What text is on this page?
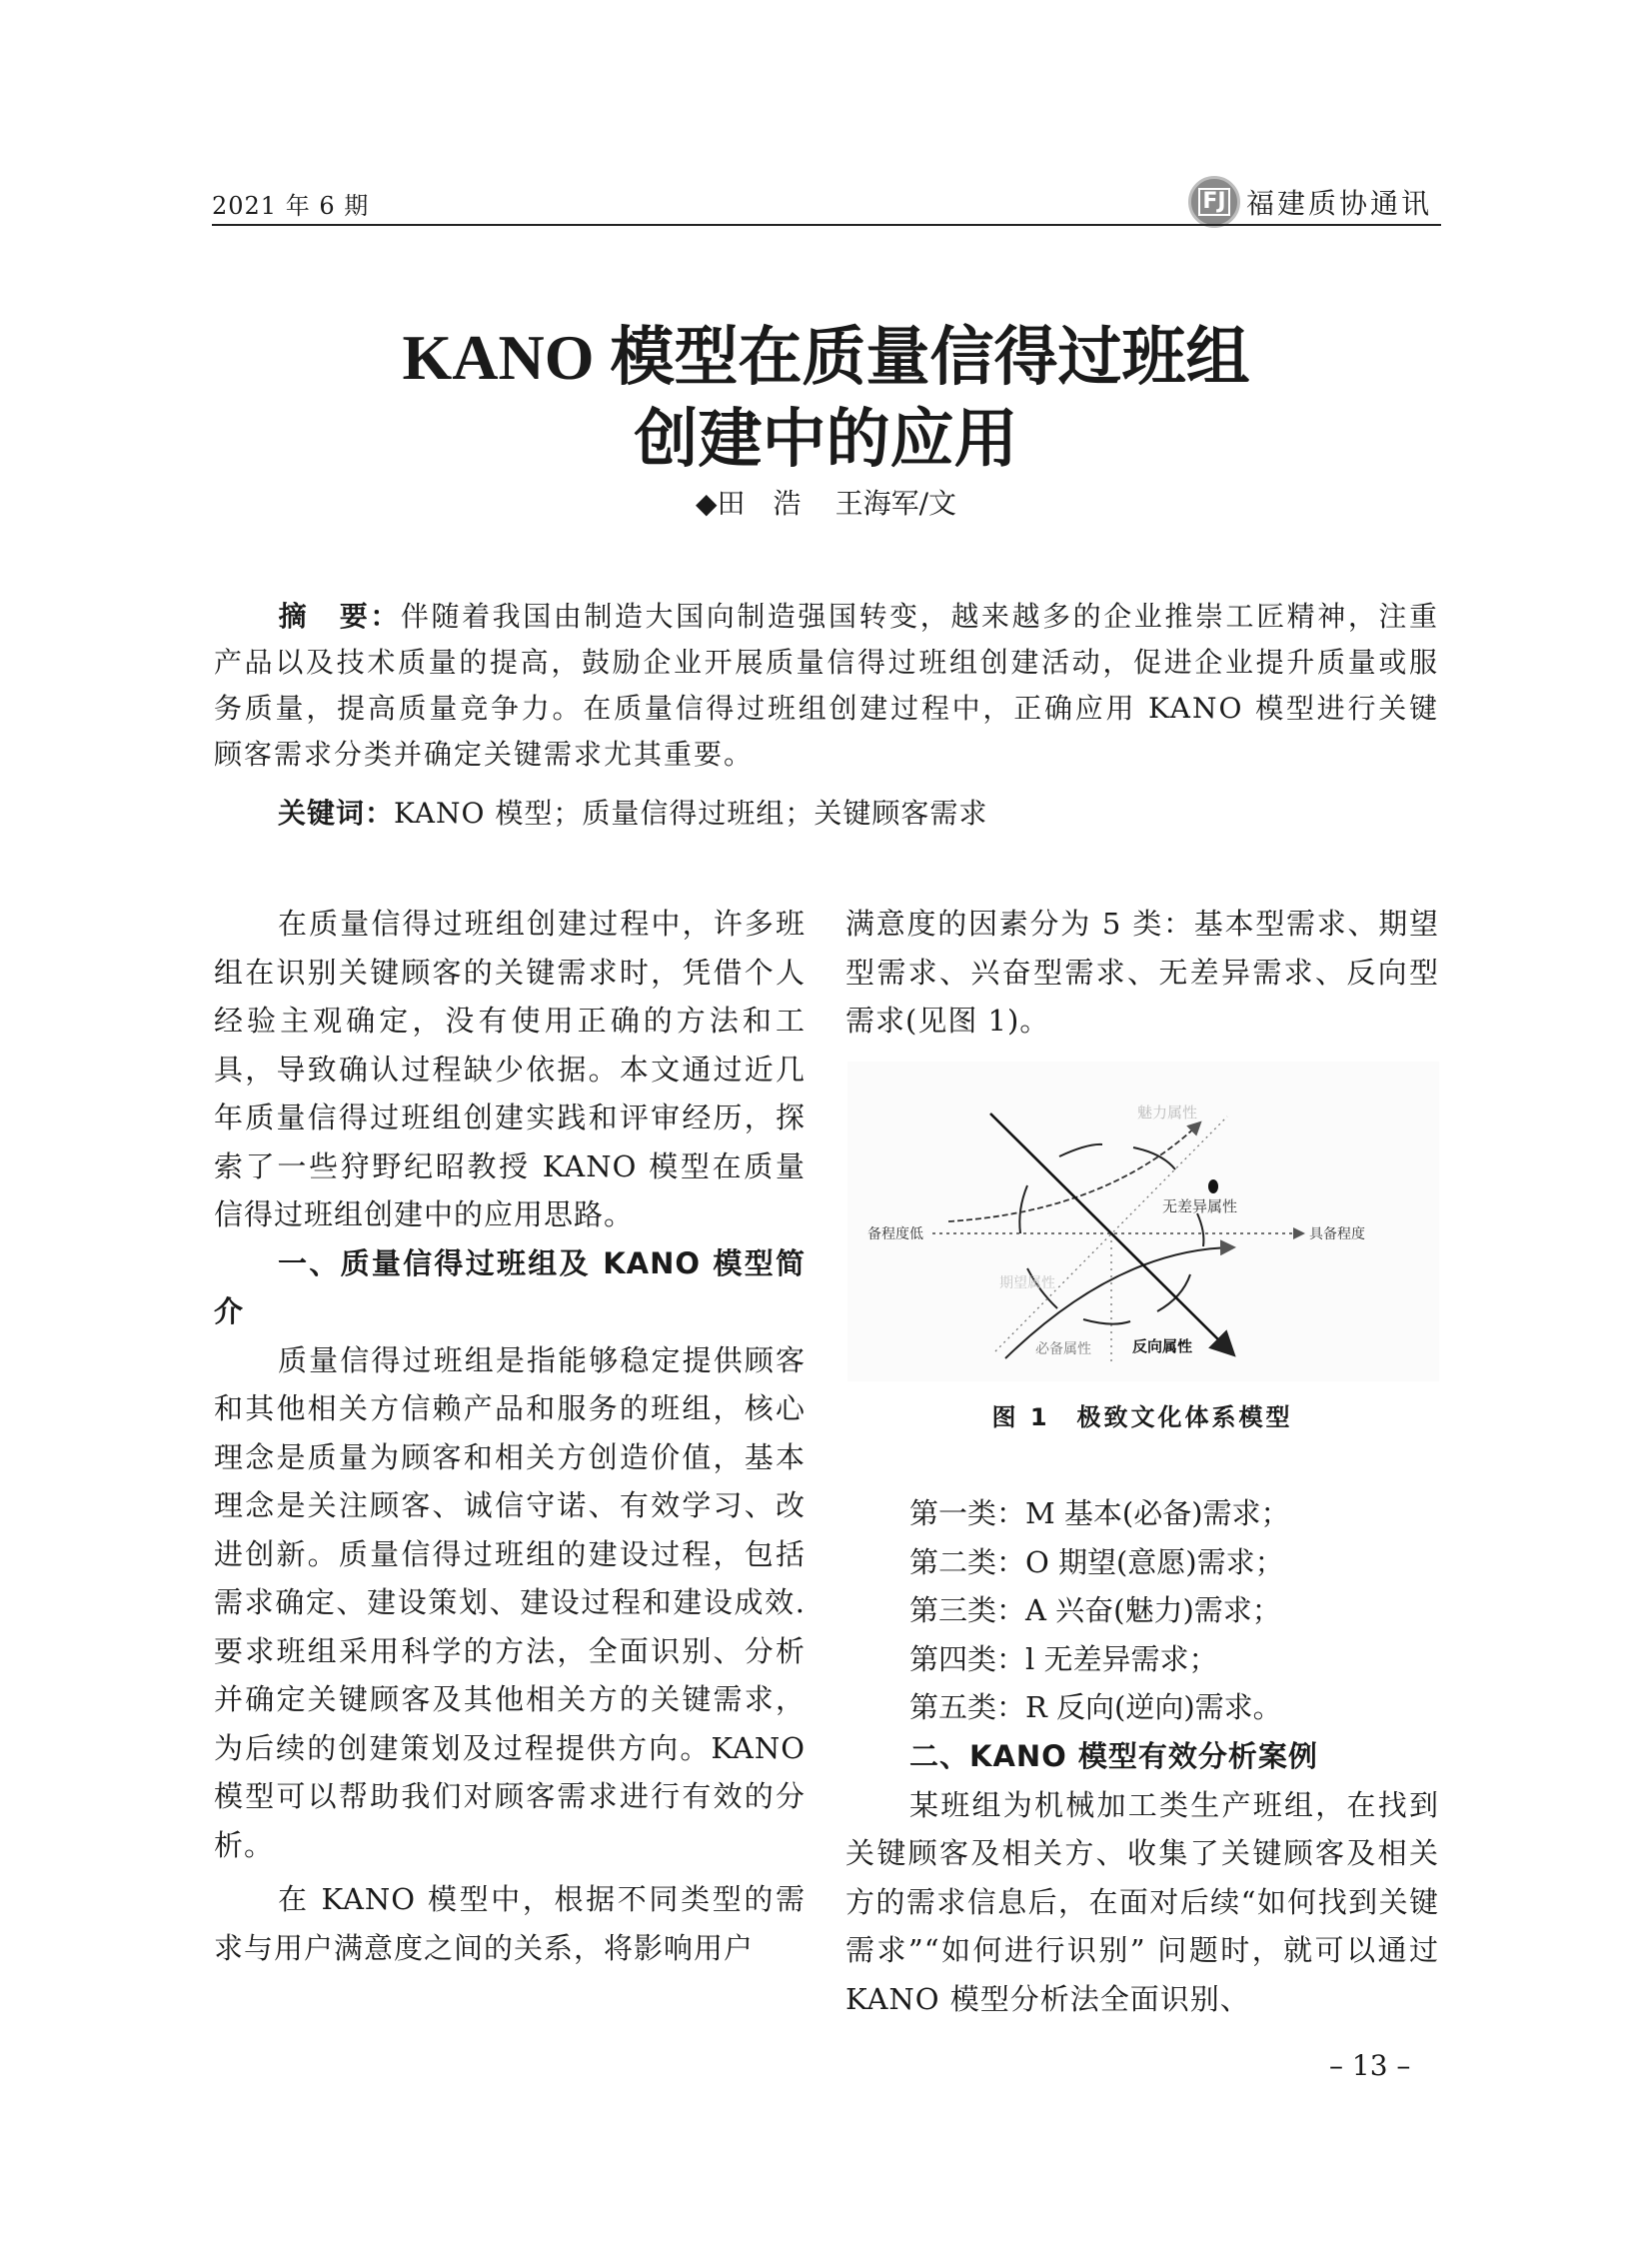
2021 年 6 期	FJ 福建质协通讯
KANO 模型在质量信得过班组
创建中的应用
◆田　浩 王海军/文
摘　要：伴随着我国由制造大国向制造强国转变，越来越多的企业推崇工匠精神，注重产品以及技术质量的提高，鼓励企业开展质量信得过班组创建活动，促进企业提升质量或服务质量，提高质量竞争力。在质量信得过班组创建过程中，正确应用 KANO 模型进行关键顾客需求分类并确定关键需求尤其重要。
关键词：KANO 模型；质量信得过班组；关键顾客需求

在质量信得过班组创建过程中，许多班组在识别关键顾客的关键需求时，凭借个人经验主观确定，没有使用正确的方法和工具，导致确认过程缺少依据。本文通过近几年质量信得过班组创建实践和评审经历，探索了一些狩野纪昭教授 KANO 模型在质量信得过班组创建中的应用思路。

一、质量信得过班组及 KANO 模型简介

质量信得过班组是指能够稳定提供顾客和其他相关方信赖产品和服务的班组，核心理念是质量为顾客和相关方创造价值，基本理念是关注顾客、诚信守诺、有效学习、改进创新。质量信得过班组的建设过程，包括需求确定、建设策划、建设过程和建设成效.要求班组采用科学的方法，全面识别、分析并确定关键顾客及其他相关方的关键需求，为后续的创建策划及过程提供方向。KANO 模型可以帮助我们对顾客需求进行有效的分析。

在 KANO 模型中，根据不同类型的需求与用户满意度之间的关系，将影响用户

满意度的因素分为 5 类：基本型需求、期望型需求、兴奋型需求、无差异需求、反向型需求(见图 1)。

魅力属性
无差异属性
备程度低	具备程度
期望属性
必备属性	反向属性
图 1　极致文化体系模型
第一类：M 基本(必备)需求；
第二类：O 期望(意愿)需求；
第三类：A 兴奋(魅力)需求；
第四类：l 无差异需求；
第五类：R 反向(逆向)需求。

二、KANO 模型有效分析案例

某班组为机械加工类生产班组，在找到关键顾客及相关方、收集了关键顾客及相关方的需求信息后，在面对后续“如何找到关键需求”“如何进行识别” 问题时，就可以通过 KANO 模型分析法全面识别、

– 13 –
